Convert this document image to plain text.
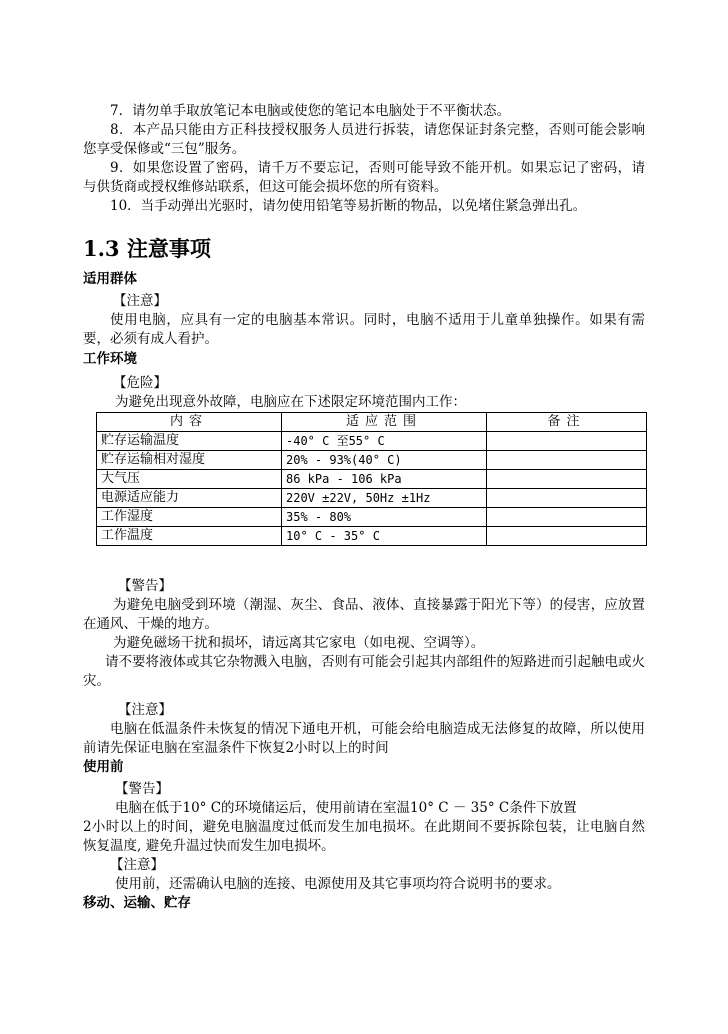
7．请勿单手取放笔记本电脑或使您的笔记本电脑处于不平衡状态。

8．本产品只能由方正科技授权服务人员进行拆装，请您保证封条完整，否则可能会影响您享受保修或“三包”服务。

9．如果您设置了密码，请千万不要忘记，否则可能导致不能开机。如果忘记了密码，请与供货商或授权维修站联系，但这可能会损坏您的所有资料。

10．当手动弹出光驱时，请勿使用铅笔等易折断的物品，以免堵住紧急弹出孔。

1.3 注意事项

适用群体

【注意】

使用电脑，应具有一定的电脑基本常识。同时，电脑不适用于儿童单独操作。如果有需要，必须有成人看护。

工作环境

【危险】

为避免出现意外故障，电脑应在下述限定环境范围内工作：

内容	适应范围	备注
贮存运输温度	-40° C 至55° C	
贮存运输相对湿度	20% - 93%(40° C)	
大气压	86 kPa - 106 kPa	
电源适应能力	220V ±22V, 50Hz ±1Hz	
工作湿度	35% - 80%	
工作温度	10° C - 35° C	
【警告】

为避免电脑受到环境（潮湿、灰尘、食品、液体、直接暴露于阳光下等）的侵害，应放置在通风、干燥的地方。

为避免磁场干扰和损坏，请远离其它家电（如电视、空调等）。

请不要将液体或其它杂物溅入电脑，否则有可能会引起其内部组件的短路进而引起触电或火灾。

【注意】

电脑在低温条件未恢复的情况下通电开机，可能会给电脑造成无法修复的故障，所以使用前请先保证电脑在室温条件下恢复2小时以上的时间

使用前

【警告】

电脑在低于10° C的环境储运后，使用前请在室温10° C － 35° C条件下放置

2小时以上的时间，避免电脑温度过低而发生加电损坏。在此期间不要拆除包装，让电脑自然恢复温度, 避免升温过快而发生加电损坏。

【注意】

使用前，还需确认电脑的连接、电源使用及其它事项均符合说明书的要求。

移动、运输、贮存
